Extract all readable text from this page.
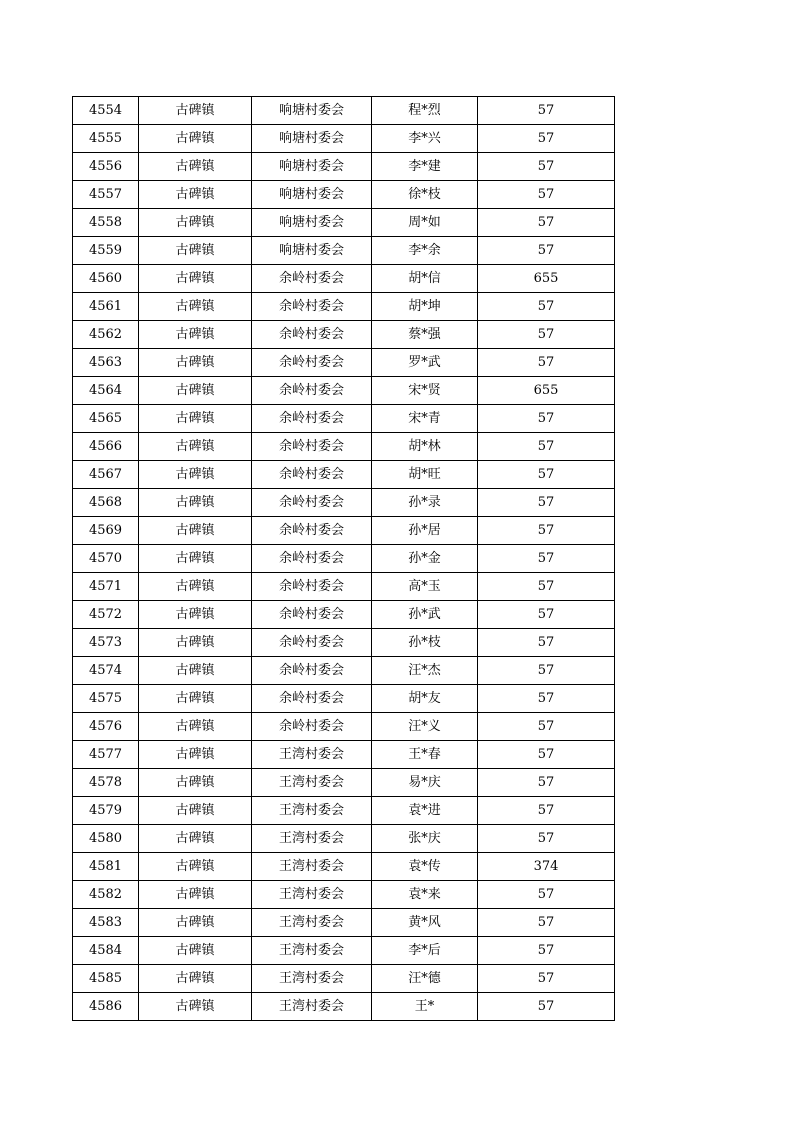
4554	古碑镇	响塘村委会	程*烈	57
4555	古碑镇	响塘村委会	李*兴	57
4556	古碑镇	响塘村委会	李*建	57
4557	古碑镇	响塘村委会	徐*枝	57
4558	古碑镇	响塘村委会	周*如	57
4559	古碑镇	响塘村委会	李*余	57
4560	古碑镇	余岭村委会	胡*信	655
4561	古碑镇	余岭村委会	胡*坤	57
4562	古碑镇	余岭村委会	蔡*强	57
4563	古碑镇	余岭村委会	罗*武	57
4564	古碑镇	余岭村委会	宋*贤	655
4565	古碑镇	余岭村委会	宋*青	57
4566	古碑镇	余岭村委会	胡*林	57
4567	古碑镇	余岭村委会	胡*旺	57
4568	古碑镇	余岭村委会	孙*录	57
4569	古碑镇	余岭村委会	孙*居	57
4570	古碑镇	余岭村委会	孙*金	57
4571	古碑镇	余岭村委会	高*玉	57
4572	古碑镇	余岭村委会	孙*武	57
4573	古碑镇	余岭村委会	孙*枝	57
4574	古碑镇	余岭村委会	汪*杰	57
4575	古碑镇	余岭村委会	胡*友	57
4576	古碑镇	余岭村委会	汪*义	57
4577	古碑镇	王湾村委会	王*春	57
4578	古碑镇	王湾村委会	易*庆	57
4579	古碑镇	王湾村委会	袁*进	57
4580	古碑镇	王湾村委会	张*庆	57
4581	古碑镇	王湾村委会	袁*传	374
4582	古碑镇	王湾村委会	袁*来	57
4583	古碑镇	王湾村委会	黄*风	57
4584	古碑镇	王湾村委会	李*后	57
4585	古碑镇	王湾村委会	汪*德	57
4586	古碑镇	王湾村委会	王*	57
